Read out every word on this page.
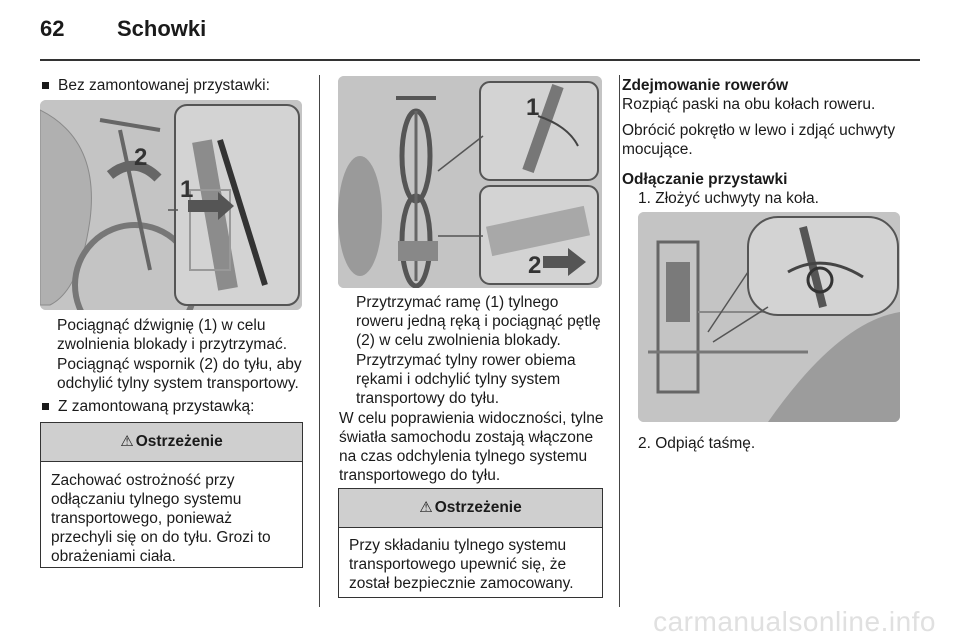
62 Schowki
Bez zamontowanej przystawki:
2
1
Pociągnąć dźwignię (1) w celu zwolnienia blokady i przytrzymać.
Pociągnąć wspornik (2) do tyłu, aby odchylić tylny system transportowy.
Z zamontowaną przystawką:
⚠ Ostrzeżenie
Zachować ostrożność przy odłączaniu tylnego systemu transportowego, ponieważ przechyli się on do tyłu. Grozi to obrażeniami ciała.
1
2
Przytrzymać ramę (1) tylnego roweru jedną ręką i pociągnąć pętlę (2) w celu zwolnienia blokady.
Przytrzymać tylny rower obiema rękami i odchylić tylny system transportowy do tyłu.
W celu poprawienia widoczności, tylne światła samochodu zostają włączone na czas odchylenia tylnego systemu transportowego do tyłu.
⚠ Ostrzeżenie
Przy składaniu tylnego systemu transportowego upewnić się, że został bezpiecznie zamocowany.
Zdejmowanie rowerów
Rozpiąć paski na obu kołach roweru.
Obrócić pokrętło w lewo i zdjąć uchwyty mocujące.
Odłączanie przystawki
1. Złożyć uchwyty na koła.
2. Odpiąć taśmę.
carmanualsonline.info
